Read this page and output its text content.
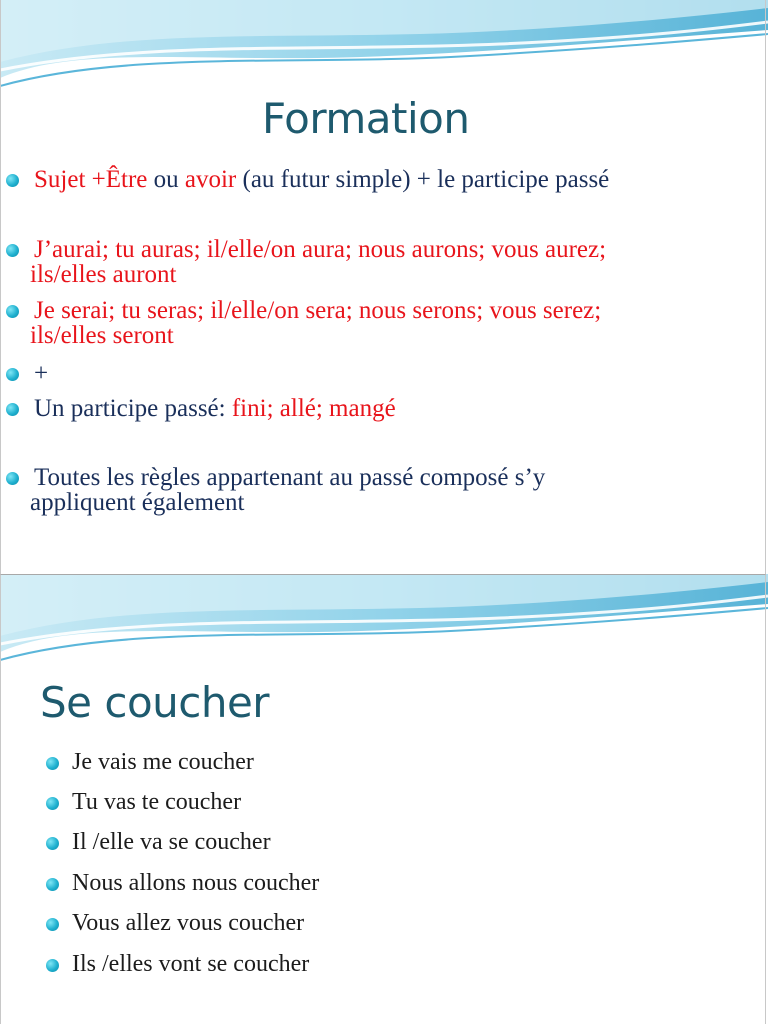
Formation
Sujet +Être ou avoir (au futur simple) + le participe passé
J’aurai; tu auras; il/elle/on aura; nous aurons; vous aurez;
ils/elles auront
Je serai; tu seras; il/elle/on sera; nous serons; vous serez;
ils/elles seront
+
Un participe passé: fini; allé; mangé
Toutes les règles appartenant au passé composé s’y
appliquent également
Se coucher
Je vais me coucher
Tu vas te coucher
Il /elle va se coucher
Nous allons nous coucher
Vous allez vous coucher
Ils /elles vont se coucher
